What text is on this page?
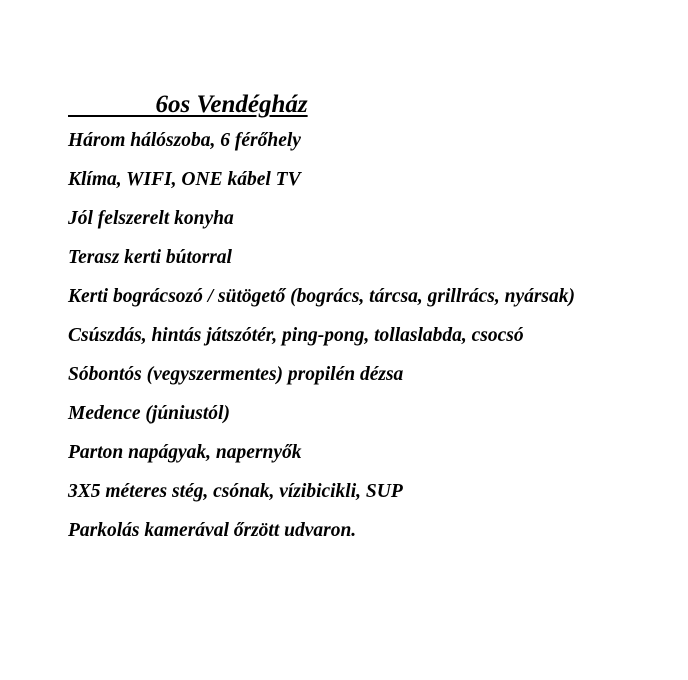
6os Vendégház
Három hálószoba, 6 férőhely
Klíma, WIFI, ONE kábel TV
Jól felszerelt konyha
Terasz kerti bútorral
Kerti bográcsozó / sütögető (bogrács, tárcsa, grillrács, nyársak)
Csúszdás, hintás játszótér, ping-pong, tollaslabda, csocsó
Sóbontós (vegyszermentes) propilén dézsa
Medence (júniustól)
Parton napágyak, napernyők
3X5 méteres stég, csónak, vízibicikli, SUP
Parkolás kamerával őrzött udvaron.
